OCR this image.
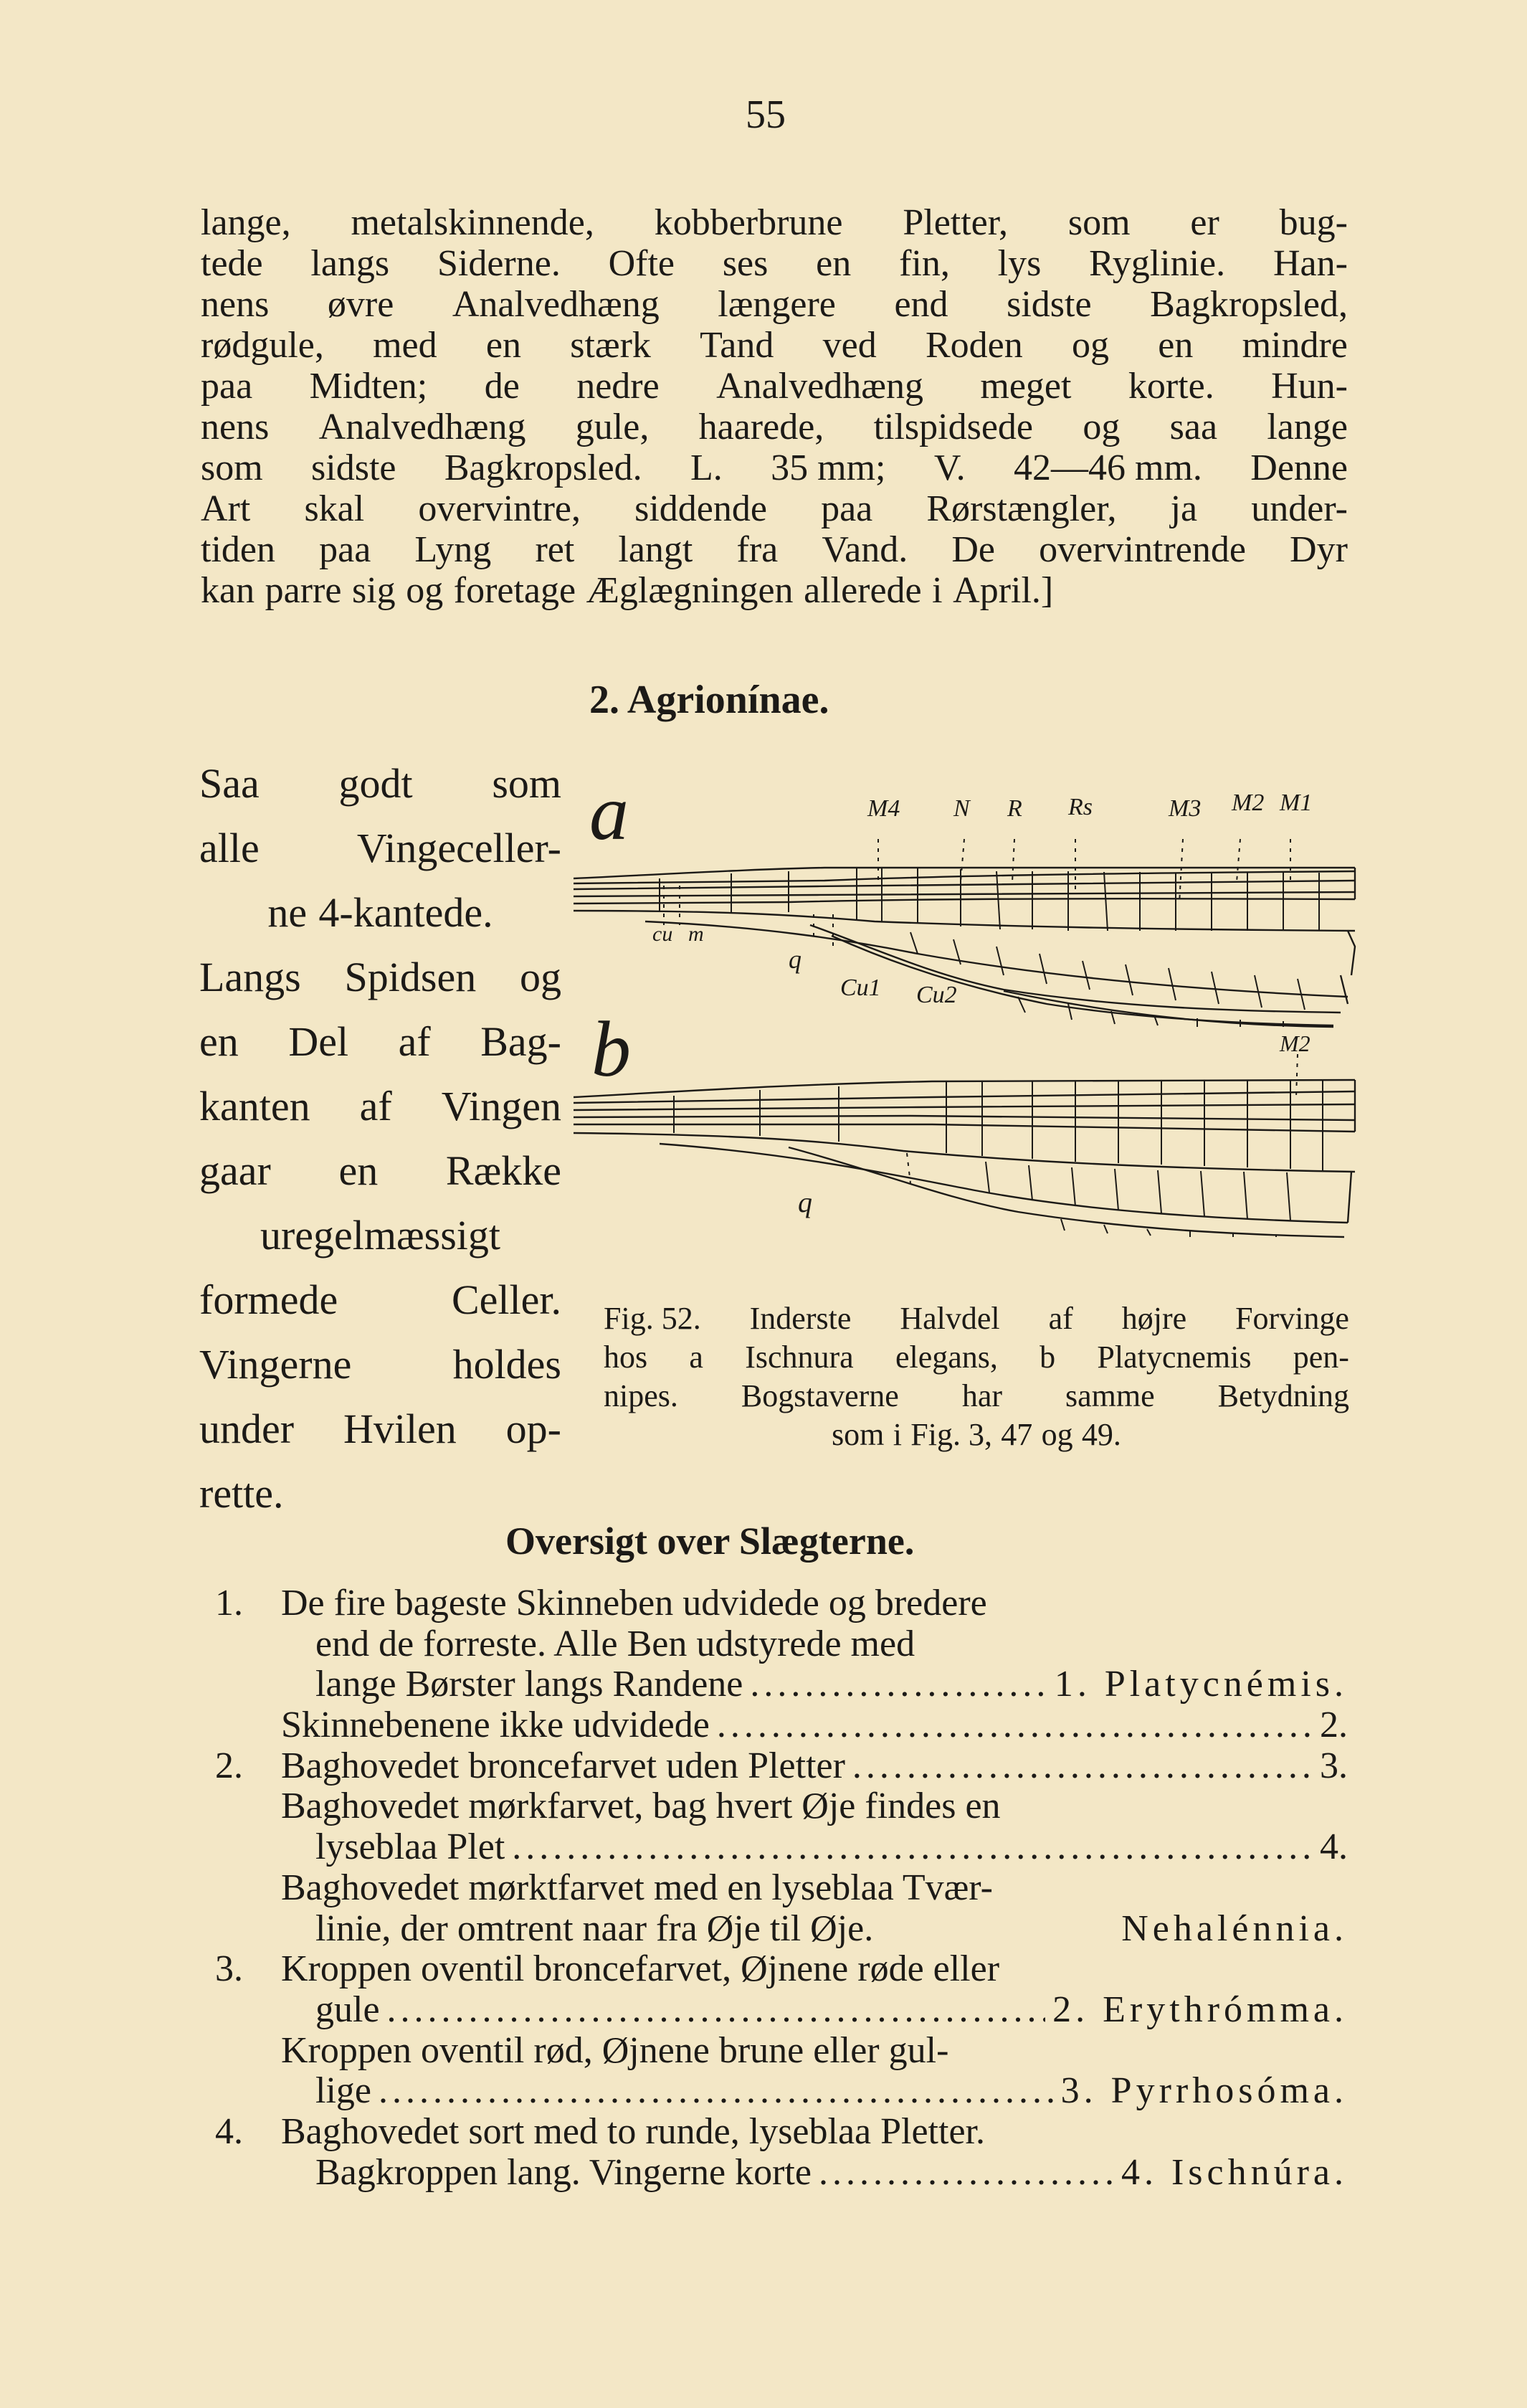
55
lange, metalskinnende, kobberbrune Pletter, som er bug-
tede langs Siderne. Ofte ses en fin, lys Ryglinie. Han-
nens øvre Analvedhæng længere end sidste Bagkropsled,
rødgule, med en stærk Tand ved Roden og en mindre
paa Midten; de nedre Analvedhæng meget korte. Hun-
nens Analvedhæng gule, haarede, tilspidsede og saa lange
som sidste Bagkropsled. L. 35 mm; V. 42—46 mm. Denne
Art skal overvintre, siddende paa Rørstængler, ja under-
tiden paa Lyng ret langt fra Vand. De overvintrende Dyr
kan parre sig og foretage Æglægningen allerede i April.]
2. Agrionínae.
Saa godt som
alle Vingeceller-
ne 4-kantede.
Langs Spidsen og
en Del af Bag-
kanten af Vingen
gaar en Række
uregelmæssigt
formede	Celler.
Vingerne holdes
under Hvilen op-
rette.
a
b
M4 N R Rs	M3 M2 M1
cu m
q
Cu1 Cu2
M2
q
Fig. 52. Inderste Halvdel af højre Forvinge
hos a Ischnura elegans, b Platycnemis pen-
nipes. Bogstaverne har samme Betydning
som i Fig. 3, 47 og 49.
Oversigt over Slægterne.
1. De fire bageste Skinneben udvidede og bredere
end de forreste. Alle Ben udstyrede med
lange Børster langs Randene .....	1. Platycnémis.
Skinnebenene ikke udvidede .....	2.
2. Baghovedet broncefarvet uden Pletter .....	3.
Baghovedet mørkfarvet, bag hvert Øje findes en
lyseblaa Plet .....	4.
Baghovedet mørktfarvet med en lyseblaa Tvær-
linie, der omtrent naar fra Øje til Øje.	Nehalénnia.
3. Kroppen oventil broncefarvet, Øjnene røde eller
gule .....	2. Erythrómma.
Kroppen oventil rød, Øjnene brune eller gul-
lige .....	3. Pyrrhosóma.
4. Baghovedet sort med to runde, lyseblaa Pletter.
Bagkroppen lang. Vingerne korte .....	4. Ischnúra.
